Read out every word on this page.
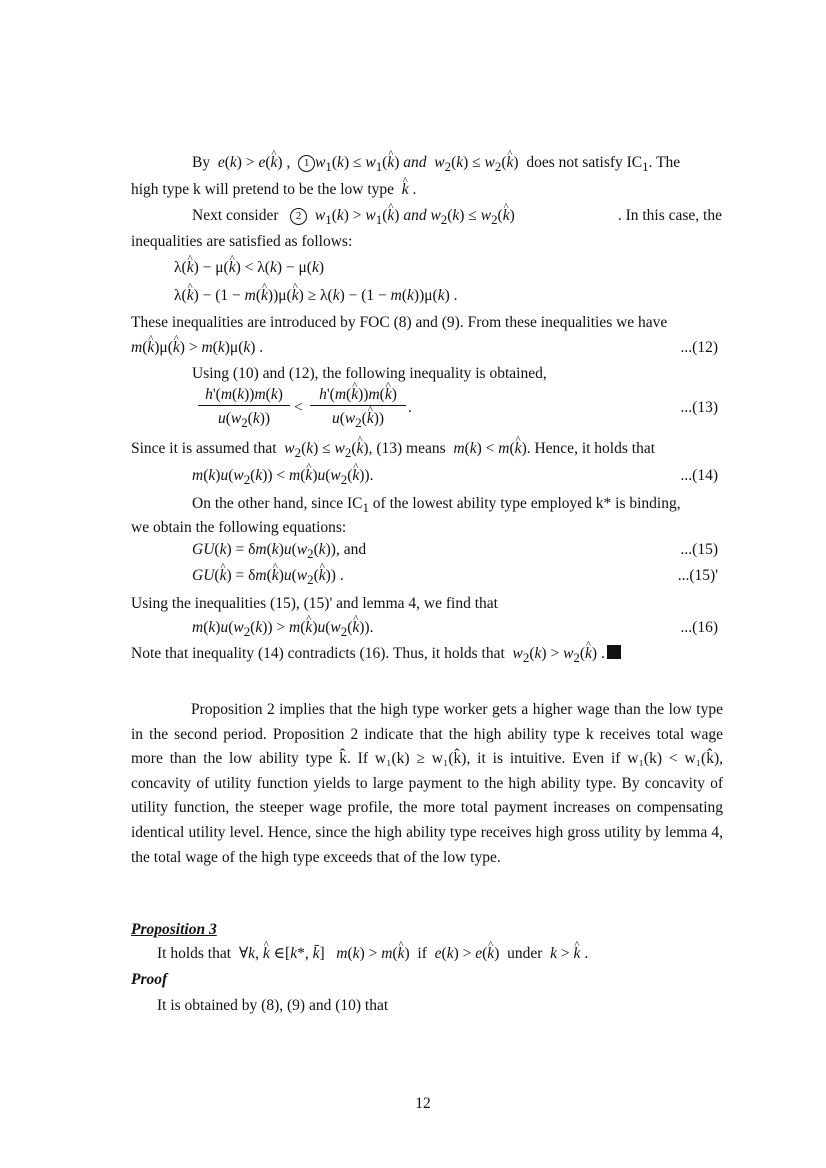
By e(k) > e(^ k) ,  1 $w_1(k)$ ≤ $w_1(\^{}$ k) and $w_2(k)$ ≤ $w_2(\^{}$ k)  does not satisfy $IC_1$. The
high type k will pretend to be the low type ^ k .
Next consider 2 $w_1(k)$ > $w_1(\^{}$ k) and $w_2(k)$ ≤ $w_2(\^{}$ k)	. In this case, the
inequalities are satisfied as follows:
λ(^ k) − μ(^ k) < λ(k) − μ(k)
λ(^ k) − (1 − m(^ k))μ(^ k) ≥ λ(k) − (1 − m(k))μ(k) .
These inequalities are introduced by FOC (8) and (9). From these inequalities we have
m(^ k)μ(^ k) > m(k)μ(k) .	...(12)
Using (10) and (12), the following inequality is obtained,
h'(m(k))m(k)
$u(w_2(k))$
<
h'(m(^ k))m(^ k)
$u(w_2(\^{}$ k))
.	...(13)
Since it is assumed that $w_2(k)$ ≤ $w_2(\^{}$ k), (13) means m(k) < m(^ k). Hence, it holds that
$m(k)u(w_2(k))$ < m(^ $k)u(w_2(\^{}$ k)).	...(14)
On the other hand, since $IC_1$ of the lowest ability type employed k* is binding,
we obtain the following equations:
$GU(k) = \delta m(k)u(w_2(k))$, and	...(15)
GU(^ k) = δm(^ $k)u(w_2(\^{}$ k)) .	...(15)'
Using the inequalities (15), (15)' and lemma 4, we find that
$m(k)u(w_2(k))$ > m(^ $k)u(w_2(\^{}$ k)).	...(16)
Note that inequality (14) contradicts (16). Thus, it holds that $w_2(k)$ > $w_2(\^{}$ k) .
Proposition 2 implies that the high type worker gets a higher wage than the low type in the second period. Proposition 2 indicate that the high ability type k receives total wage more than the low ability type k̂. If w₁(k) ≥ w₁(k̂), it is intuitive. Even if w₁(k) < w₁(k̂), concavity of utility function yields to large payment to the high ability type. By concavity of utility function, the steeper wage profile, the more total payment increases on compensating identical utility level. Hence, since the high ability type receives high gross utility by lemma 4, the total wage of the high type exceeds that of the low type.
Proposition 3
It holds that  ∀k, ^ k ∈[k*, k̄]   m(k) > m(^ k)  if e(k) > e(^ k)  under k > ^ k .
Proof
It is obtained by (8), (9) and (10) that
12
